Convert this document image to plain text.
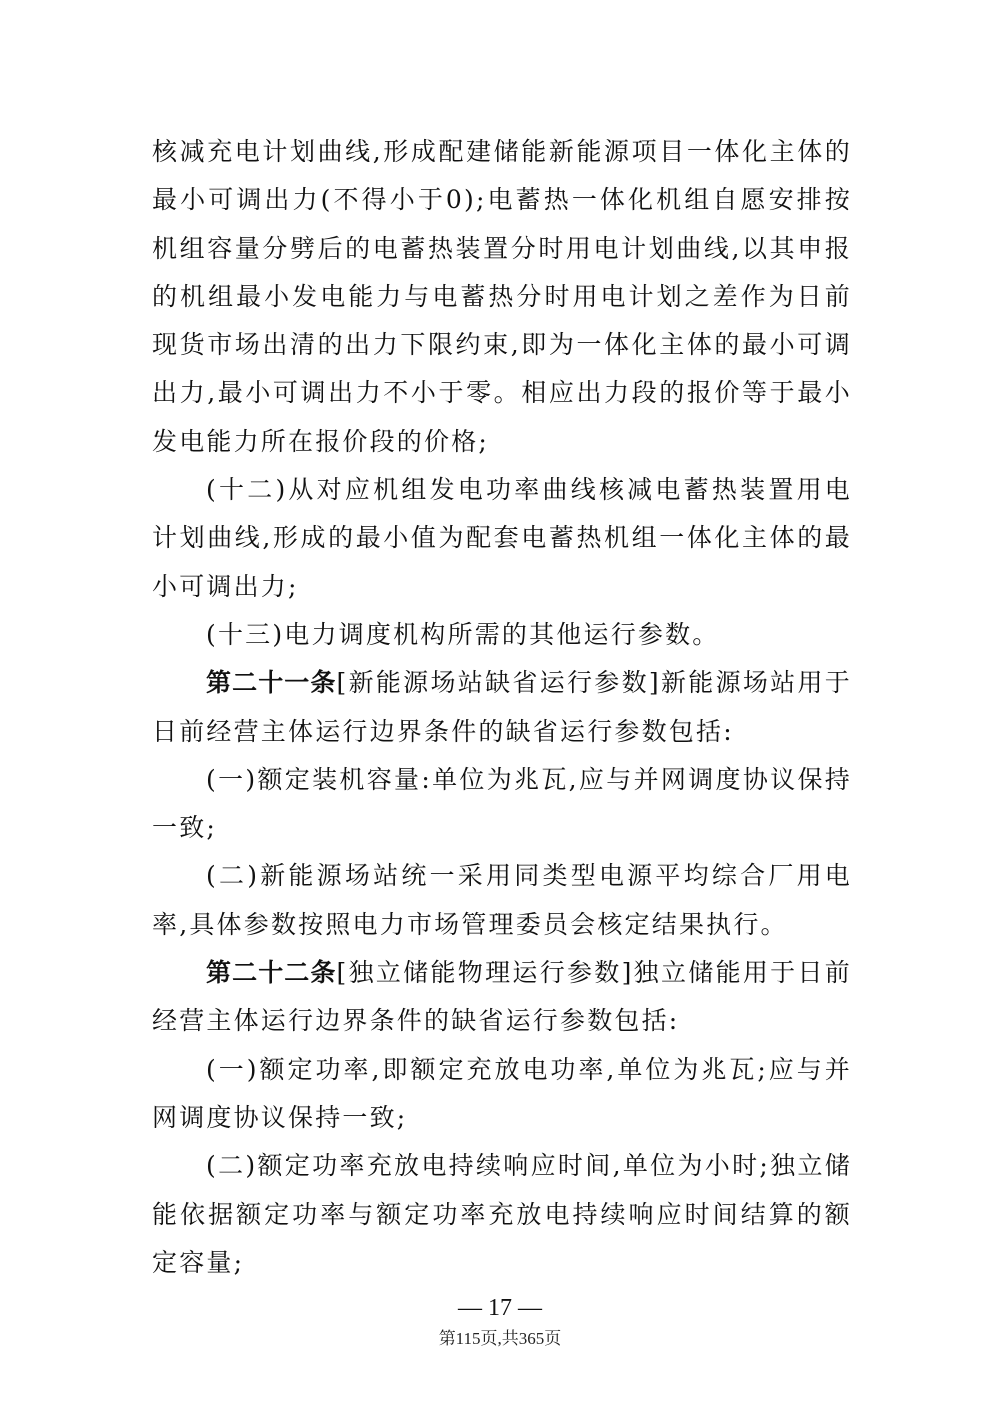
核减充电计划曲线,形成配建储能新能源项目一体化主体的最小可调出力(不得小于0);电蓄热一体化机组自愿安排按机组容量分劈后的电蓄热装置分时用电计划曲线,以其申报的机组最小发电能力与电蓄热分时用电计划之差作为日前现货市场出清的出力下限约束,即为一体化主体的最小可调出力,最小可调出力不小于零。相应出力段的报价等于最小发电能力所在报价段的价格;

(十二)从对应机组发电功率曲线核减电蓄热装置用电计划曲线,形成的最小值为配套电蓄热机组一体化主体的最小可调出力;

(十三)电力调度机构所需的其他运行参数。

第二十一条[新能源场站缺省运行参数]新能源场站用于日前经营主体运行边界条件的缺省运行参数包括:

(一)额定装机容量:单位为兆瓦,应与并网调度协议保持一致;

(二)新能源场站统一采用同类型电源平均综合厂用电率,具体参数按照电力市场管理委员会核定结果执行。

第二十二条[独立储能物理运行参数]独立储能用于日前经营主体运行边界条件的缺省运行参数包括:

(一)额定功率,即额定充放电功率,单位为兆瓦;应与并网调度协议保持一致;

(二)额定功率充放电持续响应时间,单位为小时;独立储能依据额定功率与额定功率充放电持续响应时间结算的额定容量;

— 17 —
第115页,共365页
